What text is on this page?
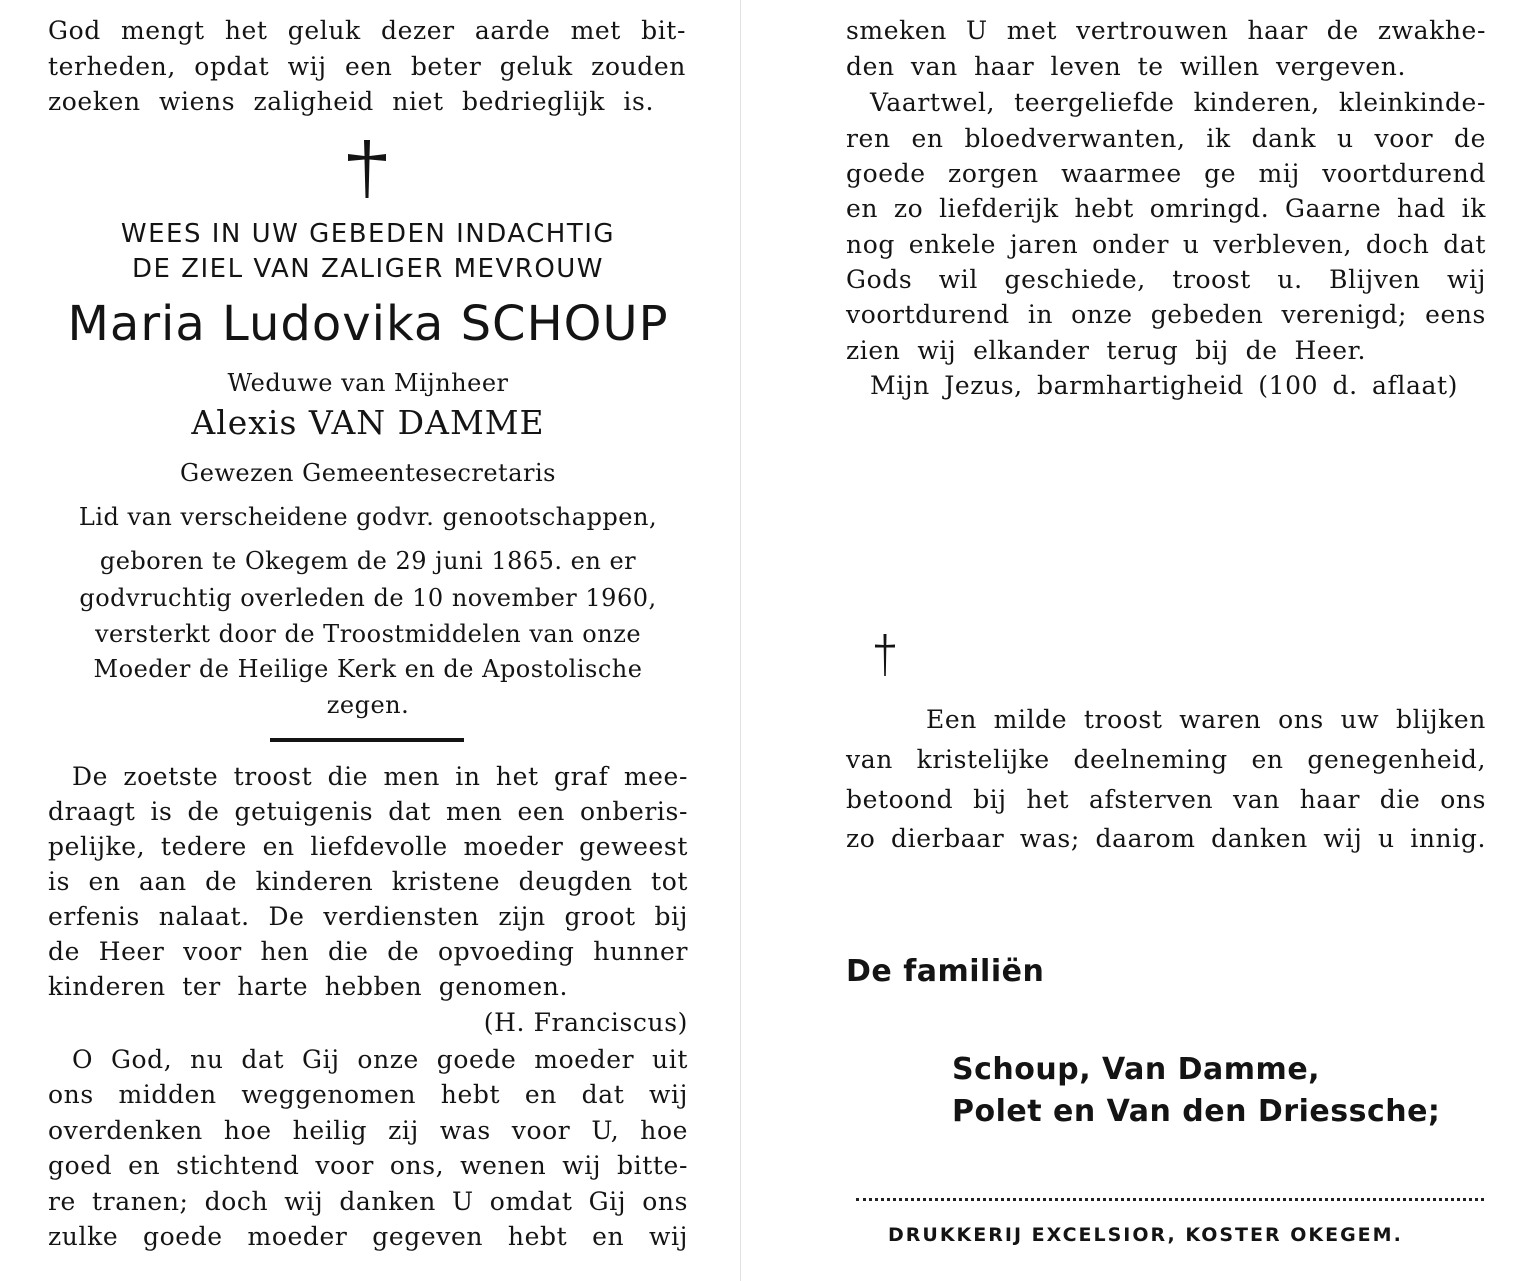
God mengt het geluk dezer aarde met bit-
terheden, opdat wij een beter geluk zouden
zoeken wiens zaligheid niet bedrieglijk is.
WEES IN UW GEBEDEN INDACHTIG
DE ZIEL VAN ZALIGER MEVROUW
Maria Ludovika SCHOUP
Weduwe van Mijnheer
Alexis VAN DAMME
Gewezen Gemeentesecretaris
Lid van verscheidene godvr. genootschappen,
geboren te Okegem de 29 juni 1865. en er
godvruchtig overleden de 10 november 1960,
versterkt door de Troostmiddelen van onze
Moeder de Heilige Kerk en de Apostolische
zegen.
De zoetste troost die men in het graf mee-
draagt is de getuigenis dat men een onberis-
pelijke, tedere en liefdevolle moeder geweest
is en aan de kinderen kristene deugden tot
erfenis nalaat. De verdiensten zijn groot bij
de Heer voor hen die de opvoeding hunner
kinderen ter harte hebben genomen.
(H. Franciscus)
O God, nu dat Gij onze goede moeder uit
ons midden weggenomen hebt en dat wij
overdenken hoe heilig zij was voor U, hoe
goed en stichtend voor ons, wenen wij bitte-
re tranen; doch wij danken U omdat Gij ons
zulke goede moeder gegeven hebt en wij
smeken U met vertrouwen haar de zwakhe-
den van haar leven te willen vergeven.
Vaartwel, teergeliefde kinderen, kleinkinde-
ren en bloedverwanten, ik dank u voor de
goede zorgen waarmee ge mij voortdurend
en zo liefderijk hebt omringd. Gaarne had ik
nog enkele jaren onder u verbleven, doch dat
Gods wil geschiede, troost u. Blijven wij
voortdurend in onze gebeden verenigd; eens
zien wij elkander terug bij de Heer.
Mijn Jezus, barmhartigheid (100 d. aflaat)
Een milde troost waren ons uw blijken
van kristelijke deelneming en genegenheid,
betoond bij het afsterven van haar die ons
zo dierbaar was; daarom danken wij u innig.
De familiën
Schoup, Van Damme,
Polet en Van den Driessche;
DRUKKERIJ EXCELSIOR, KOSTER OKEGEM.
